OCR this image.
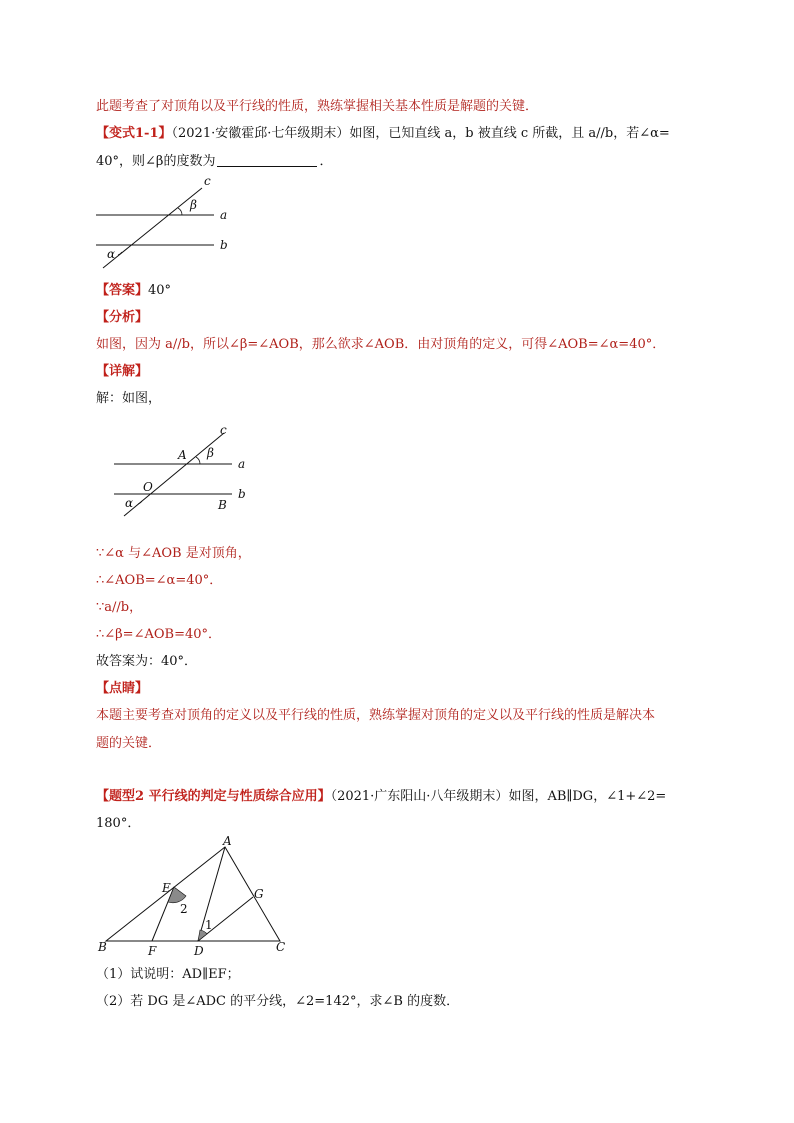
此题考查了对顶角以及平行线的性质，熟练掌握相关基本性质是解题的关键．
【变式1-1】（2021·安徽霍邱·七年级期末）如图，已知直线 a，b 被直线 c 所截，且 a//b，若∠α=
40°，则∠β的度数为	．
c
β
a
b
α
c
A β
a
O	b
α	B
A
E
2
G
1
B	F	D	C
【答案】40°
【分析】
如图，因为 a//b，所以∠β=∠AOB，那么欲求∠AOB．由对顶角的定义，可得∠AOB=∠α=40°．
【详解】
解：如图，
∵∠α 与∠AOB 是对顶角，
∴∠AOB=∠α=40°．
∵a//b，
∴∠β=∠AOB=40°．
故答案为：40°．
【点睛】
本题主要考查对顶角的定义以及平行线的性质，熟练掌握对顶角的定义以及平行线的性质是解决本
题的关键．
【题型2 平行线的判定与性质综合应用】（2021·广东阳山·八年级期末）如图，AB∥DG，∠1+∠2=
180°．
（1）试说明：AD∥EF；
（2）若 DG 是∠ADC 的平分线，∠2=142°，求∠B 的度数．
